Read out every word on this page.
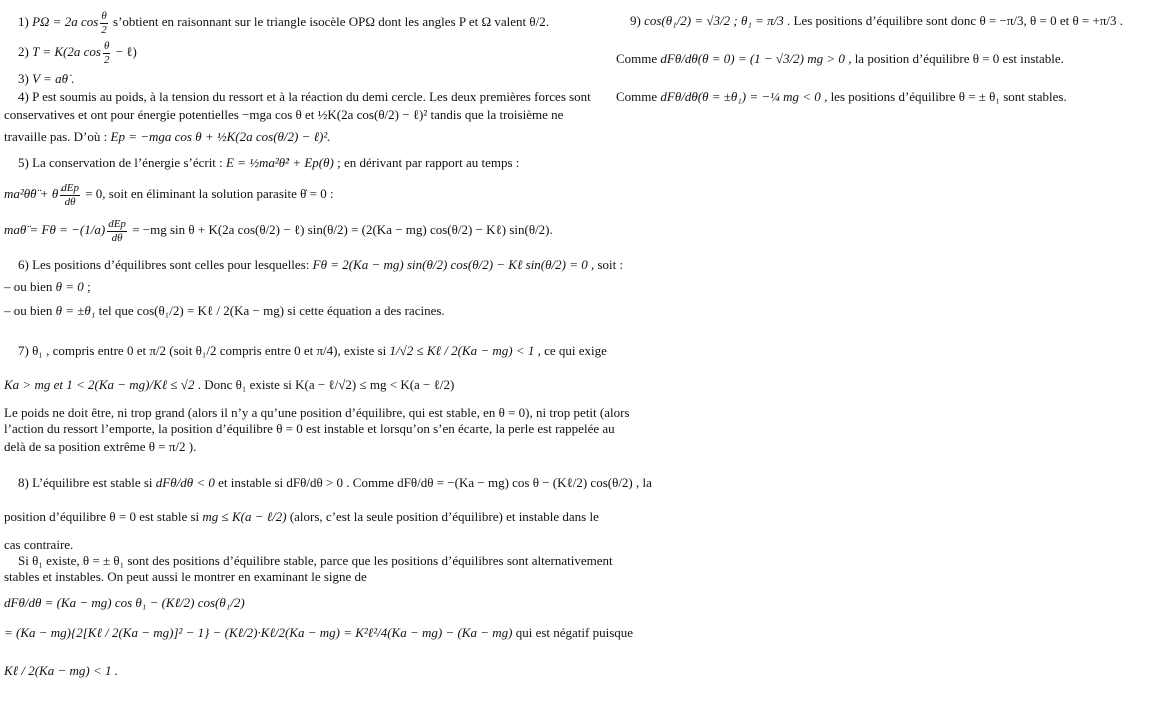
1) PΩ = 2a $\cos \frac{\theta}{2}$ s’obtient en raisonnant sur le triangle isocèle OPΩ dont les angles P et Ω valent θ/2.
2) T = K(2a $\cos \frac{\theta}{2}$ − ℓ)
3) V = aθ̇ .
4) P est soumis au poids, à la tension du ressort et à la réaction du demi cercle. Les deux premières forces sont
conservatives et ont pour énergie potentielles −mga cos θ et ½K(2a cos(θ/2) − ℓ)² tandis que la troisième ne
travaille pas. D’où : Ep = −mga cos θ + ½K(2a cos(θ/2) − ℓ)².
5) La conservation de l’énergie s’écrit : E = ½ma²θ̇² + Ep(θ) ; en dérivant par rapport au temps :
ma²θ̇θ̈ + θ̇ $\frac{\text{dEp}}{d\theta} = 0$, soit en éliminant la solution parasite θ̇ = 0 :
maθ̈ = $F\theta = -(1/a) \frac{\text{dEp}}{d\theta} = -mg$ sin θ + K(2a cos(θ/2) − ℓ) sin(θ/2) = (2(Ka − mg) cos(θ/2) − Kℓ) sin(θ/2).
6) Les positions d’équilibres sont celles pour lesquelles: Fθ = 2(Ka − mg) sin(θ/2) cos(θ/2) − Kℓ sin(θ/2) = 0 , soit :
– ou bien θ = 0 ;
– ou bien θ = ±θ₁ tel que cos(θ₁/2) = Kℓ / 2(Ka − mg) si cette équation a des racines.
7) θ₁ , compris entre 0 et π/2 (soit θ₁/2 compris entre 0 et π/4), existe si 1/√2 ≤ Kℓ / 2(Ka − mg) < 1 , ce qui exige
Ka > mg et 1 < 2(Ka − mg)/Kℓ ≤ √2 . Donc θ₁ existe si K(a − ℓ/√2) ≤ mg < K(a − ℓ/2)
Le poids ne doit être, ni trop grand (alors il n’y a qu’une position d’équilibre, qui est stable, en θ = 0), ni trop petit (alors
l’action du ressort l’emporte, la position d’équilibre θ = 0 est instable et lorsqu’on s’en écarte, la perle est rappelée au
delà de sa position extrême θ = π/2 ).
8) L’équilibre est stable si dFθ/dθ < 0 et instable si dFθ/dθ > 0 . Comme dFθ/dθ = −(Ka − mg) cos θ − (Kℓ/2) cos(θ/2) , la
position d’équilibre θ = 0 est stable si mg ≤ K(a − ℓ/2) (alors, c’est la seule position d’équilibre) et instable dans le
cas contraire.
Si θ₁ existe, θ = ± θ₁ sont des positions d’équilibre stable, parce que les positions d’équilibres sont alternativement
stables et instables. On peut aussi le montrer en examinant le signe de
dFθ/dθ = (Ka − mg) cos θ₁ − (Kℓ/2) cos(θ₁/2)
= (Ka − mg){2[Kℓ / 2(Ka − mg)]² − 1} − (Kℓ/2)·Kℓ/2(Ka − mg) = K²ℓ²/4(Ka − mg) − (Ka − mg) qui est négatif puisque
Kℓ / 2(Ka − mg) < 1 .
9) cos(θ₁/2) = √3/2 ; θ₁ = π/3 . Les positions d’équilibre sont donc θ = −π/3, θ = 0 et θ = +π/3 .
Comme dFθ/dθ(θ = 0) = (1 − √3/2) mg > 0 , la position d’équilibre θ = 0 est instable.
Comme dFθ/dθ(θ = ±θ₁) = −¼ mg < 0 , les positions d’équilibre θ = ± θ₁ sont stables.
